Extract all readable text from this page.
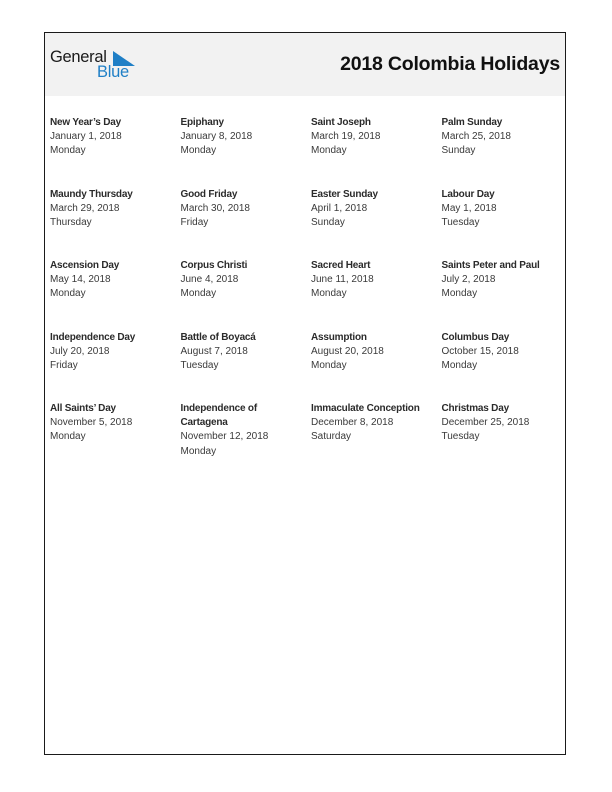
General
Blue	2018 Colombia Holidays
New Year’s Day
January 1, 2018
Monday
Epiphany
January 8, 2018
Monday
Saint Joseph
March 19, 2018
Monday
Palm Sunday
March 25, 2018
Sunday
Maundy Thursday
March 29, 2018
Thursday
Good Friday
March 30, 2018
Friday
Easter Sunday
April 1, 2018
Sunday
Labour Day
May 1, 2018
Tuesday
Ascension Day
May 14, 2018
Monday
Corpus Christi
June 4, 2018
Monday
Sacred Heart
June 11, 2018
Monday
Saints Peter and Paul
July 2, 2018
Monday
Independence Day
July 20, 2018
Friday
Battle of Boyacá
August 7, 2018
Tuesday
Assumption
August 20, 2018
Monday
Columbus Day
October 15, 2018
Monday
All Saints’ Day
November 5, 2018
Monday
Independence of Cartagena
November 12, 2018
Monday
Immaculate Conception
December 8, 2018
Saturday
Christmas Day
December 25, 2018
Tuesday
